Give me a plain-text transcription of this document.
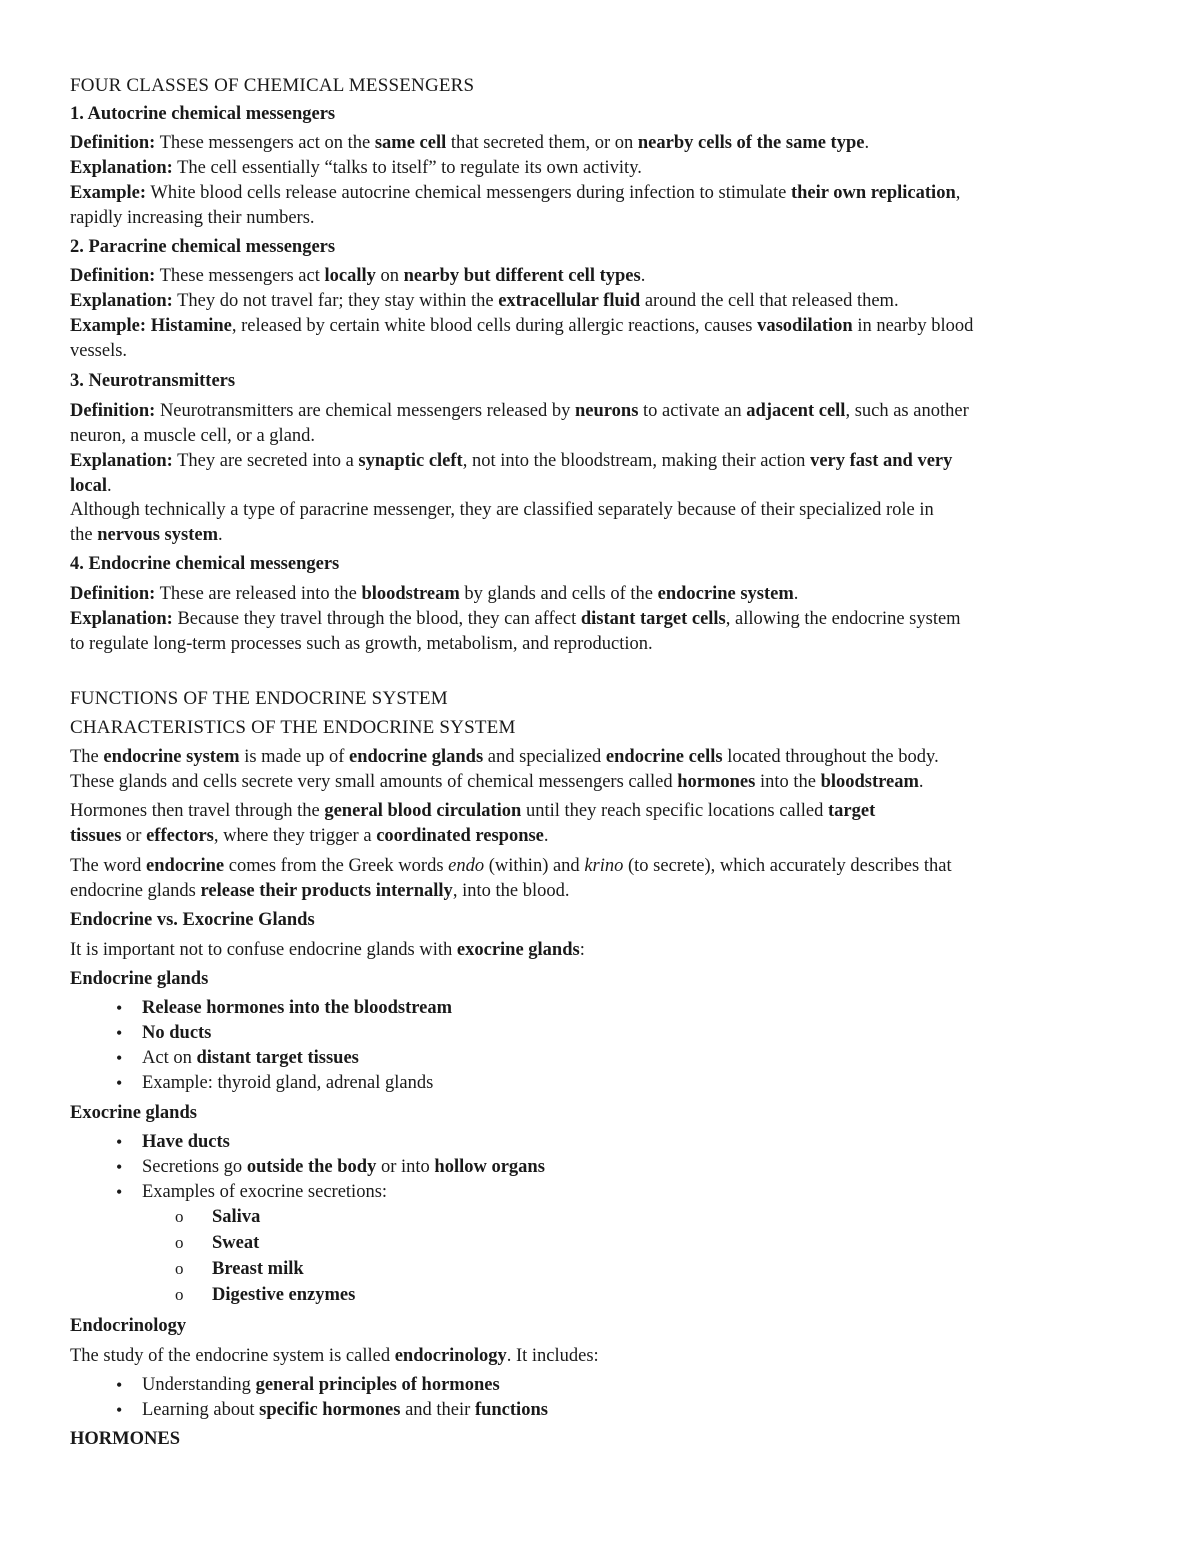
FOUR CLASSES OF CHEMICAL MESSENGERS
1. Autocrine chemical messengers
Definition: These messengers act on the same cell that secreted them, or on nearby cells of the same type.
Explanation: The cell essentially “talks to itself” to regulate its own activity.
Example: White blood cells release autocrine chemical messengers during infection to stimulate their own replication,
rapidly increasing their numbers.
2. Paracrine chemical messengers
Definition: These messengers act locally on nearby but different cell types.
Explanation: They do not travel far; they stay within the extracellular fluid around the cell that released them.
Example: Histamine, released by certain white blood cells during allergic reactions, causes vasodilation in nearby blood
vessels.
3. Neurotransmitters
Definition: Neurotransmitters are chemical messengers released by neurons to activate an adjacent cell, such as another
neuron, a muscle cell, or a gland.
Explanation: They are secreted into a synaptic cleft, not into the bloodstream, making their action very fast and very
local.
Although technically a type of paracrine messenger, they are classified separately because of their specialized role in
the nervous system.
4. Endocrine chemical messengers
Definition: These are released into the bloodstream by glands and cells of the endocrine system.
Explanation: Because they travel through the blood, they can affect distant target cells, allowing the endocrine system
to regulate long-term processes such as growth, metabolism, and reproduction.
FUNCTIONS OF THE ENDOCRINE SYSTEM
CHARACTERISTICS OF THE ENDOCRINE SYSTEM
The endocrine system is made up of endocrine glands and specialized endocrine cells located throughout the body.
These glands and cells secrete very small amounts of chemical messengers called hormones into the bloodstream.
Hormones then travel through the general blood circulation until they reach specific locations called target
tissues or effectors, where they trigger a coordinated response.
The word endocrine comes from the Greek words endo (within) and krino (to secrete), which accurately describes that
endocrine glands release their products internally, into the blood.
Endocrine vs. Exocrine Glands
It is important not to confuse endocrine glands with exocrine glands:
Endocrine glands
• Release hormones into the bloodstream
• No ducts
• Act on distant target tissues
• Example: thyroid gland, adrenal glands
Exocrine glands
• Have ducts
• Secretions go outside the body or into hollow organs
• Examples of exocrine secretions:
o Saliva
o Sweat
o Breast milk
o Digestive enzymes
Endocrinology
The study of the endocrine system is called endocrinology. It includes:
• Understanding general principles of hormones
• Learning about specific hormones and their functions
HORMONES
